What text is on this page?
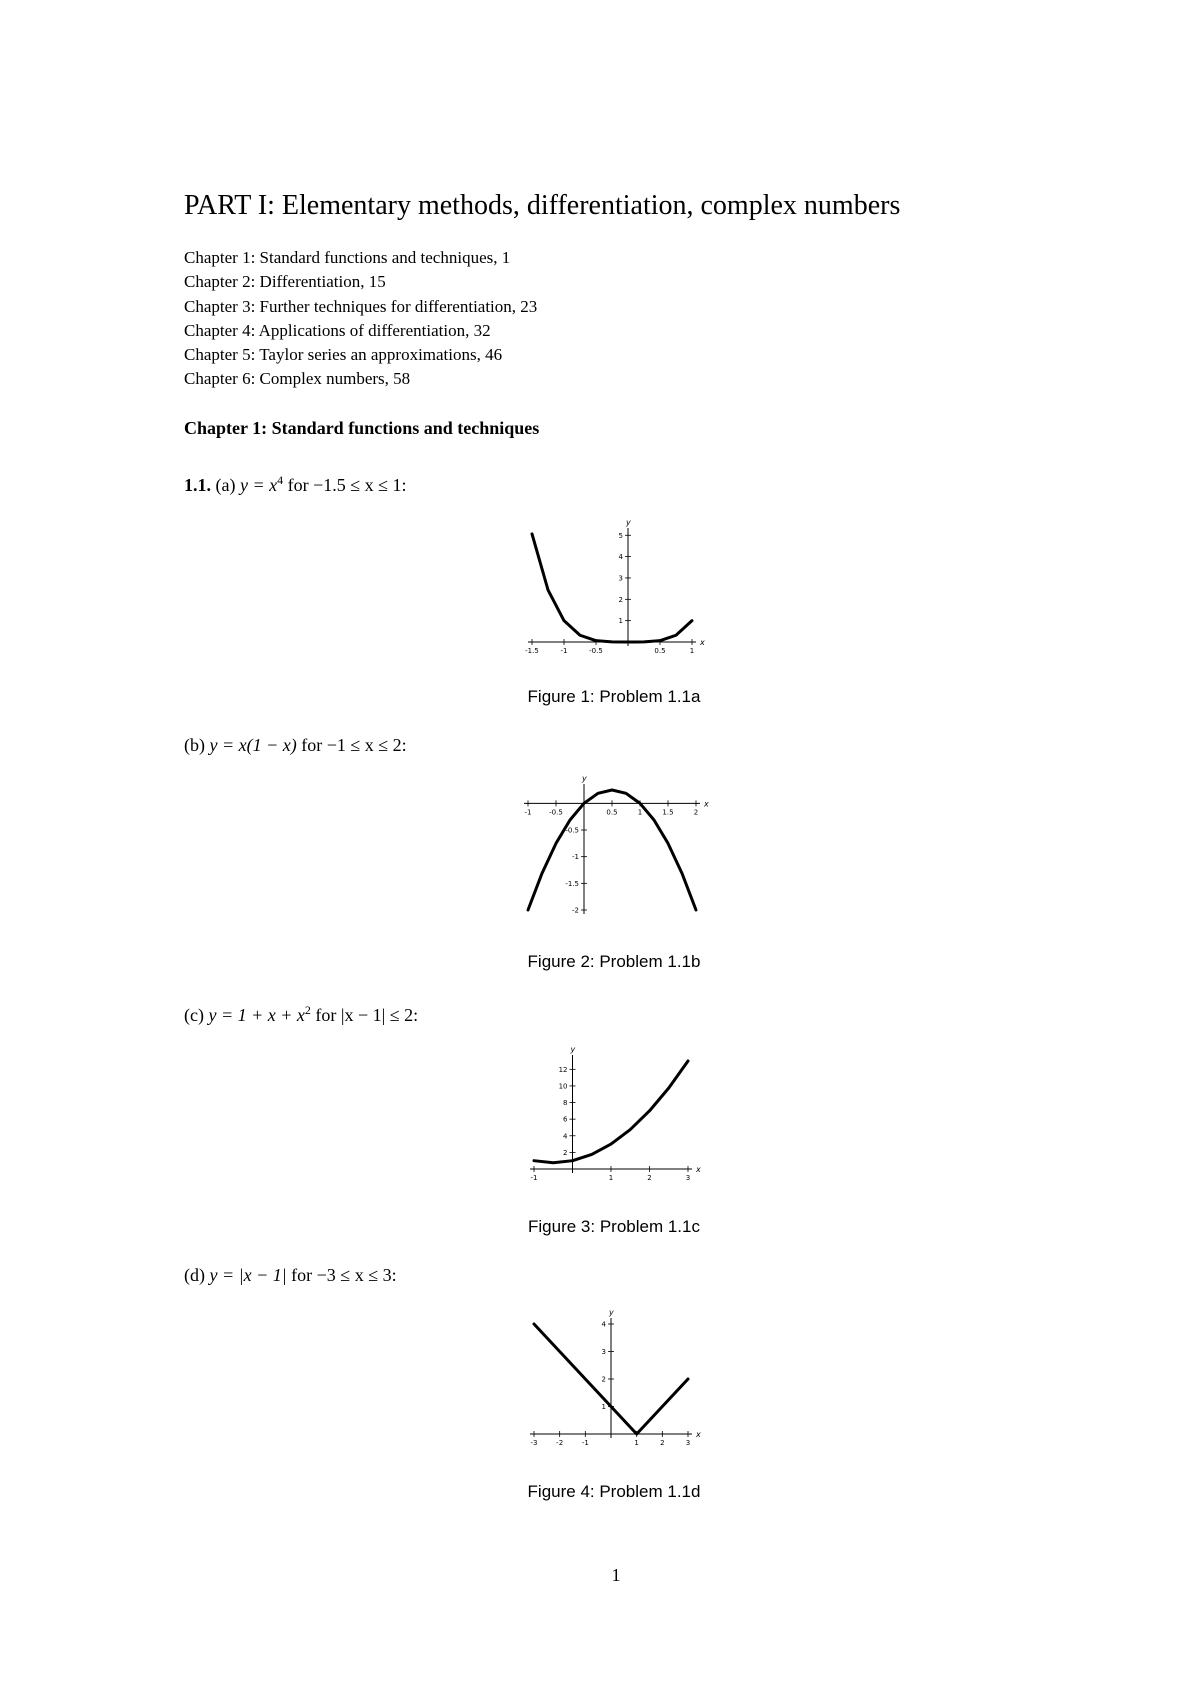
PART I: Elementary methods, differentiation, complex numbers
Chapter 1: Standard functions and techniques, 1
Chapter 2: Differentiation, 15
Chapter 3: Further techniques for differentiation, 23
Chapter 4: Applications of differentiation, 32
Chapter 5: Taylor series an approximations, 46
Chapter 6: Complex numbers, 58
Chapter 1: Standard functions and techniques
1.1. (a) $y = x^4$ for −1.5 ≤ x ≤ 1:
x
y
-1.5	-1	-0.5	0.5	1
1
2
3
4
5
Figure 1: Problem 1.1a
(b) y = x(1 − x) for −1 ≤ x ≤ 2:
x
y
-1	-0.5	0.5	1	1.5	2
-0.5
-1
-1.5
-2
Figure 2: Problem 1.1b
(c) $y = 1 + x + x^2$ for |x − 1| ≤ 2:
x
y
-1	1	2	3
2
4
6
8
10
12
Figure 3: Problem 1.1c
(d) y = |x − 1| for −3 ≤ x ≤ 3:
x
y
-3	-2	-1	1	2	3
1
2
3
4
Figure 4: Problem 1.1d
1
